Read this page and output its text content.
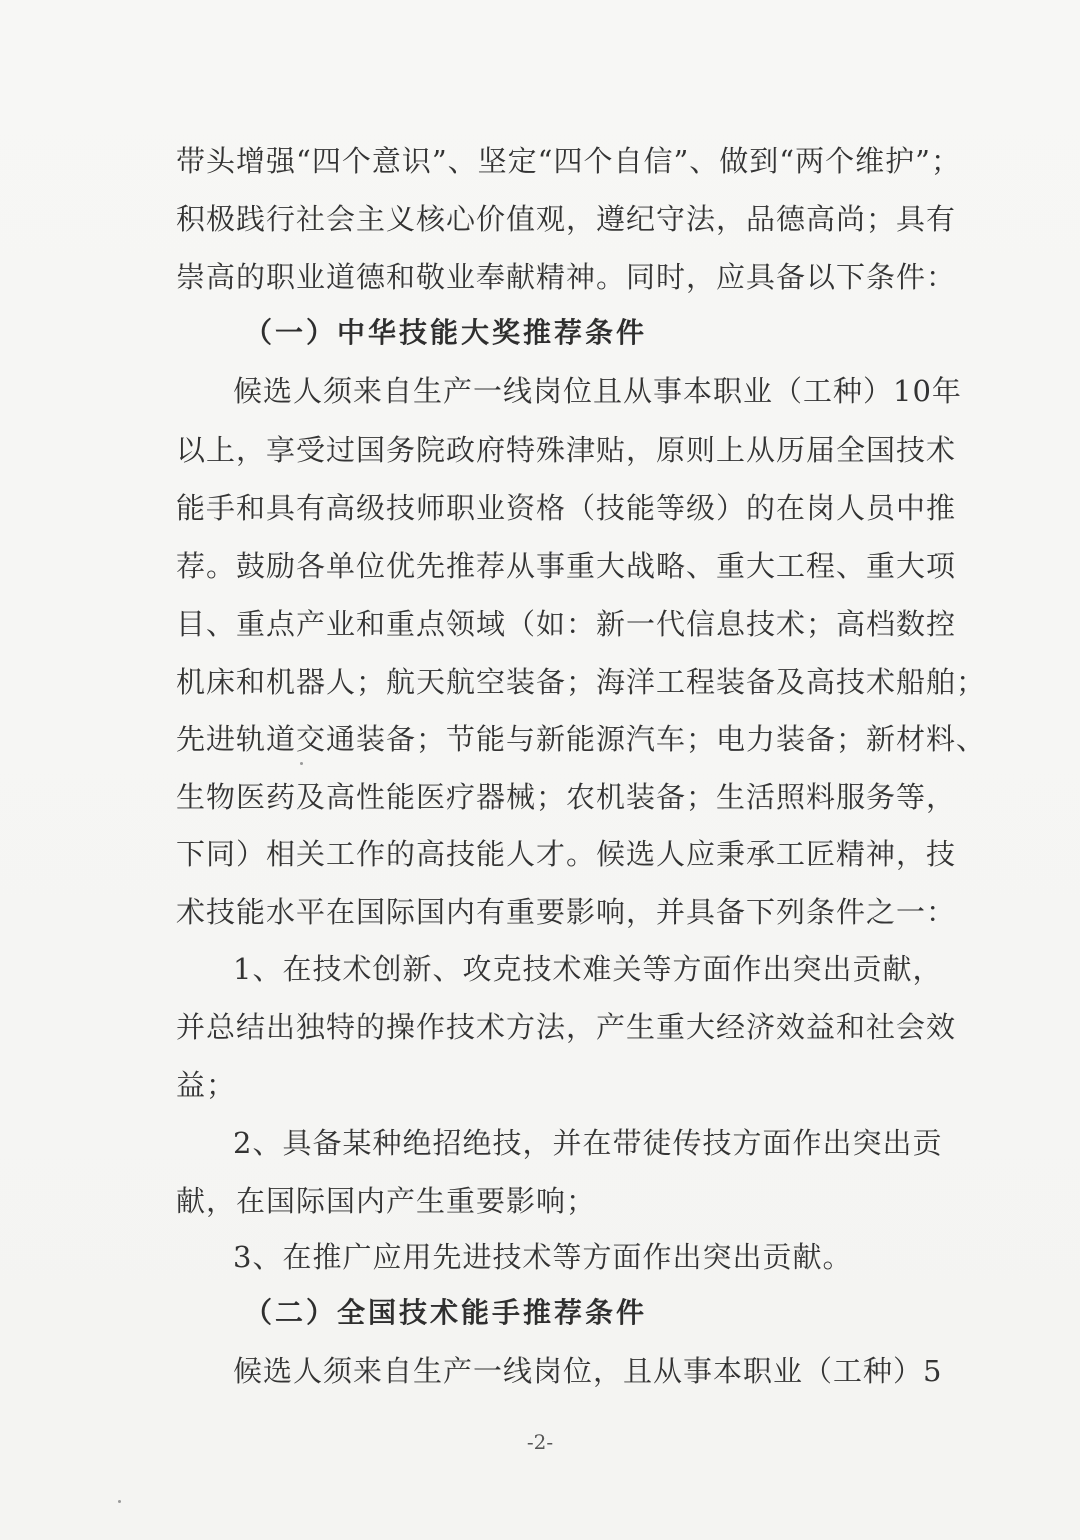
带头增强“四个意识”、坚定“四个自信”、做到“两个维护”；
积极践行社会主义核心价值观，遵纪守法，品德高尚；具有
崇高的职业道德和敬业奉献精神。同时，应具备以下条件：
（一）中华技能大奖推荐条件
候选人须来自生产一线岗位且从事本职业（工种）10年
以上，享受过国务院政府特殊津贴，原则上从历届全国技术
能手和具有高级技师职业资格（技能等级）的在岗人员中推
荐。鼓励各单位优先推荐从事重大战略、重大工程、重大项
目、重点产业和重点领域（如：新一代信息技术；高档数控
机床和机器人；航天航空装备；海洋工程装备及高技术船舶；
先进轨道交通装备；节能与新能源汽车；电力装备；新材料、
生物医药及高性能医疗器械；农机装备；生活照料服务等，
下同）相关工作的高技能人才。候选人应秉承工匠精神，技
术技能水平在国际国内有重要影响，并具备下列条件之一：
1、在技术创新、攻克技术难关等方面作出突出贡献，
并总结出独特的操作技术方法，产生重大经济效益和社会效
益；
2、具备某种绝招绝技，并在带徒传技方面作出突出贡
献，在国际国内产生重要影响；
3、在推广应用先进技术等方面作出突出贡献。
（二）全国技术能手推荐条件
候选人须来自生产一线岗位，且从事本职业（工种）5
-2-
